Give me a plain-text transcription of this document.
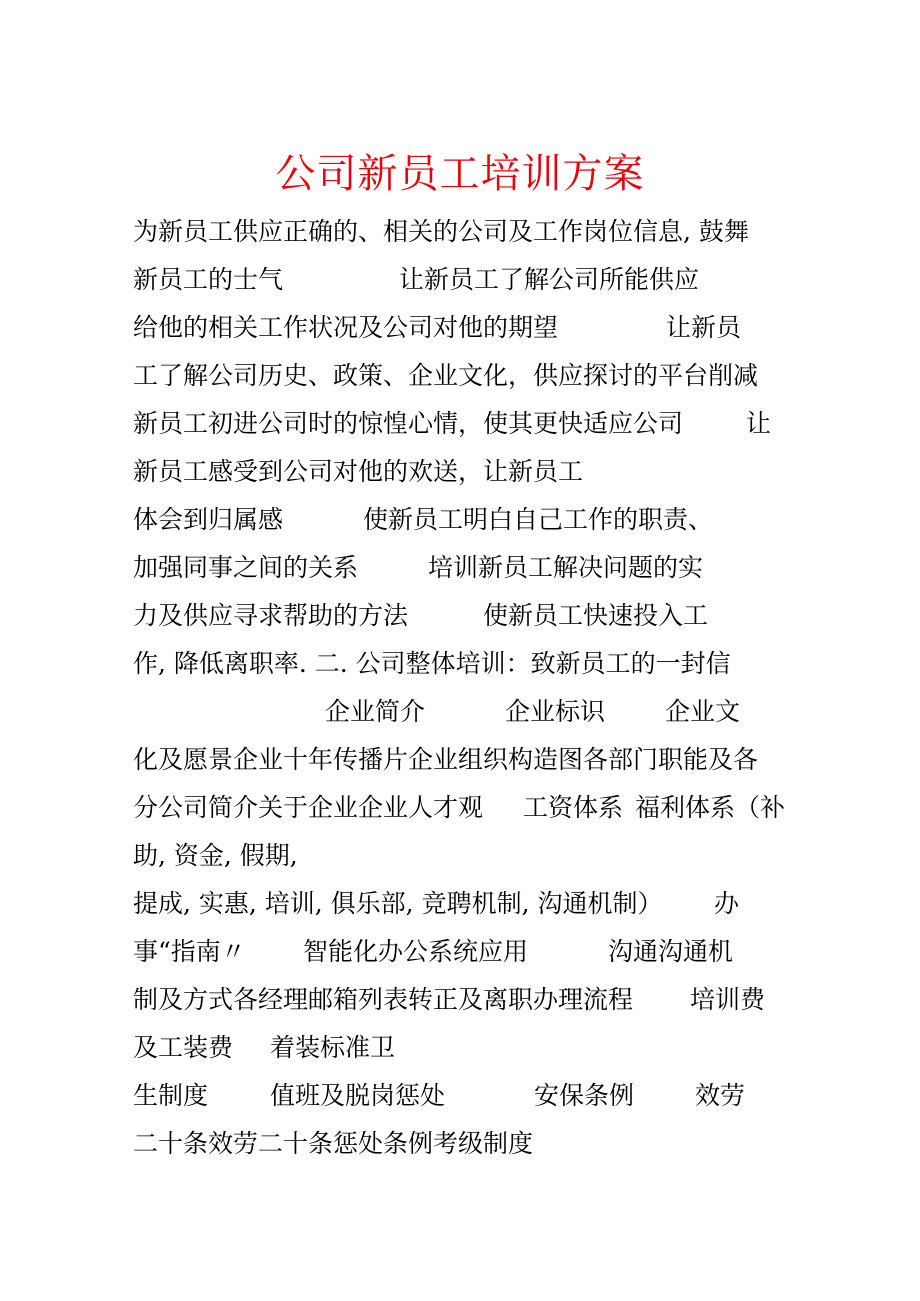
公司新员工培训方案
为新员工供应正确的、相关的公司及工作岗位信息, 鼓舞
新员工的士气	让新员工了解公司所能供应
给他的相关工作状况及公司对他的期望	让新员
工了解公司历史、政策、企业文化，供应探讨的平台削减
新员工初进公司时的惊惶心情，使其更快适应公司	让
新员工感受到公司对他的欢送，让新员工
体会到归属感	使新员工明白自己工作的职责、
加强同事之间的关系	培训新员工解决问题的实
力及供应寻求帮助的方法	使新员工快速投入工
作, 降低离职率. 二. 公司整体培训：致新员工的一封信
企业简介	企业标识 企业文
化及愿景企业十年传播片企业组织构造图各部门职能及各
分公司简介关于企业企业人才观 工资体系 福利体系（补
助, 资金, 假期,
提成, 实惠, 培训, 俱乐部, 竞聘机制, 沟通机制） 办
事“指南〃 智能化办公系统应用	沟通沟通机
制及方式各经理邮箱列表转正及离职办理流程 培训费
及工装费 着装标准卫
生制度 值班及脱岗惩处	安保条例 效劳
二十条效劳二十条惩处条例考级制度
